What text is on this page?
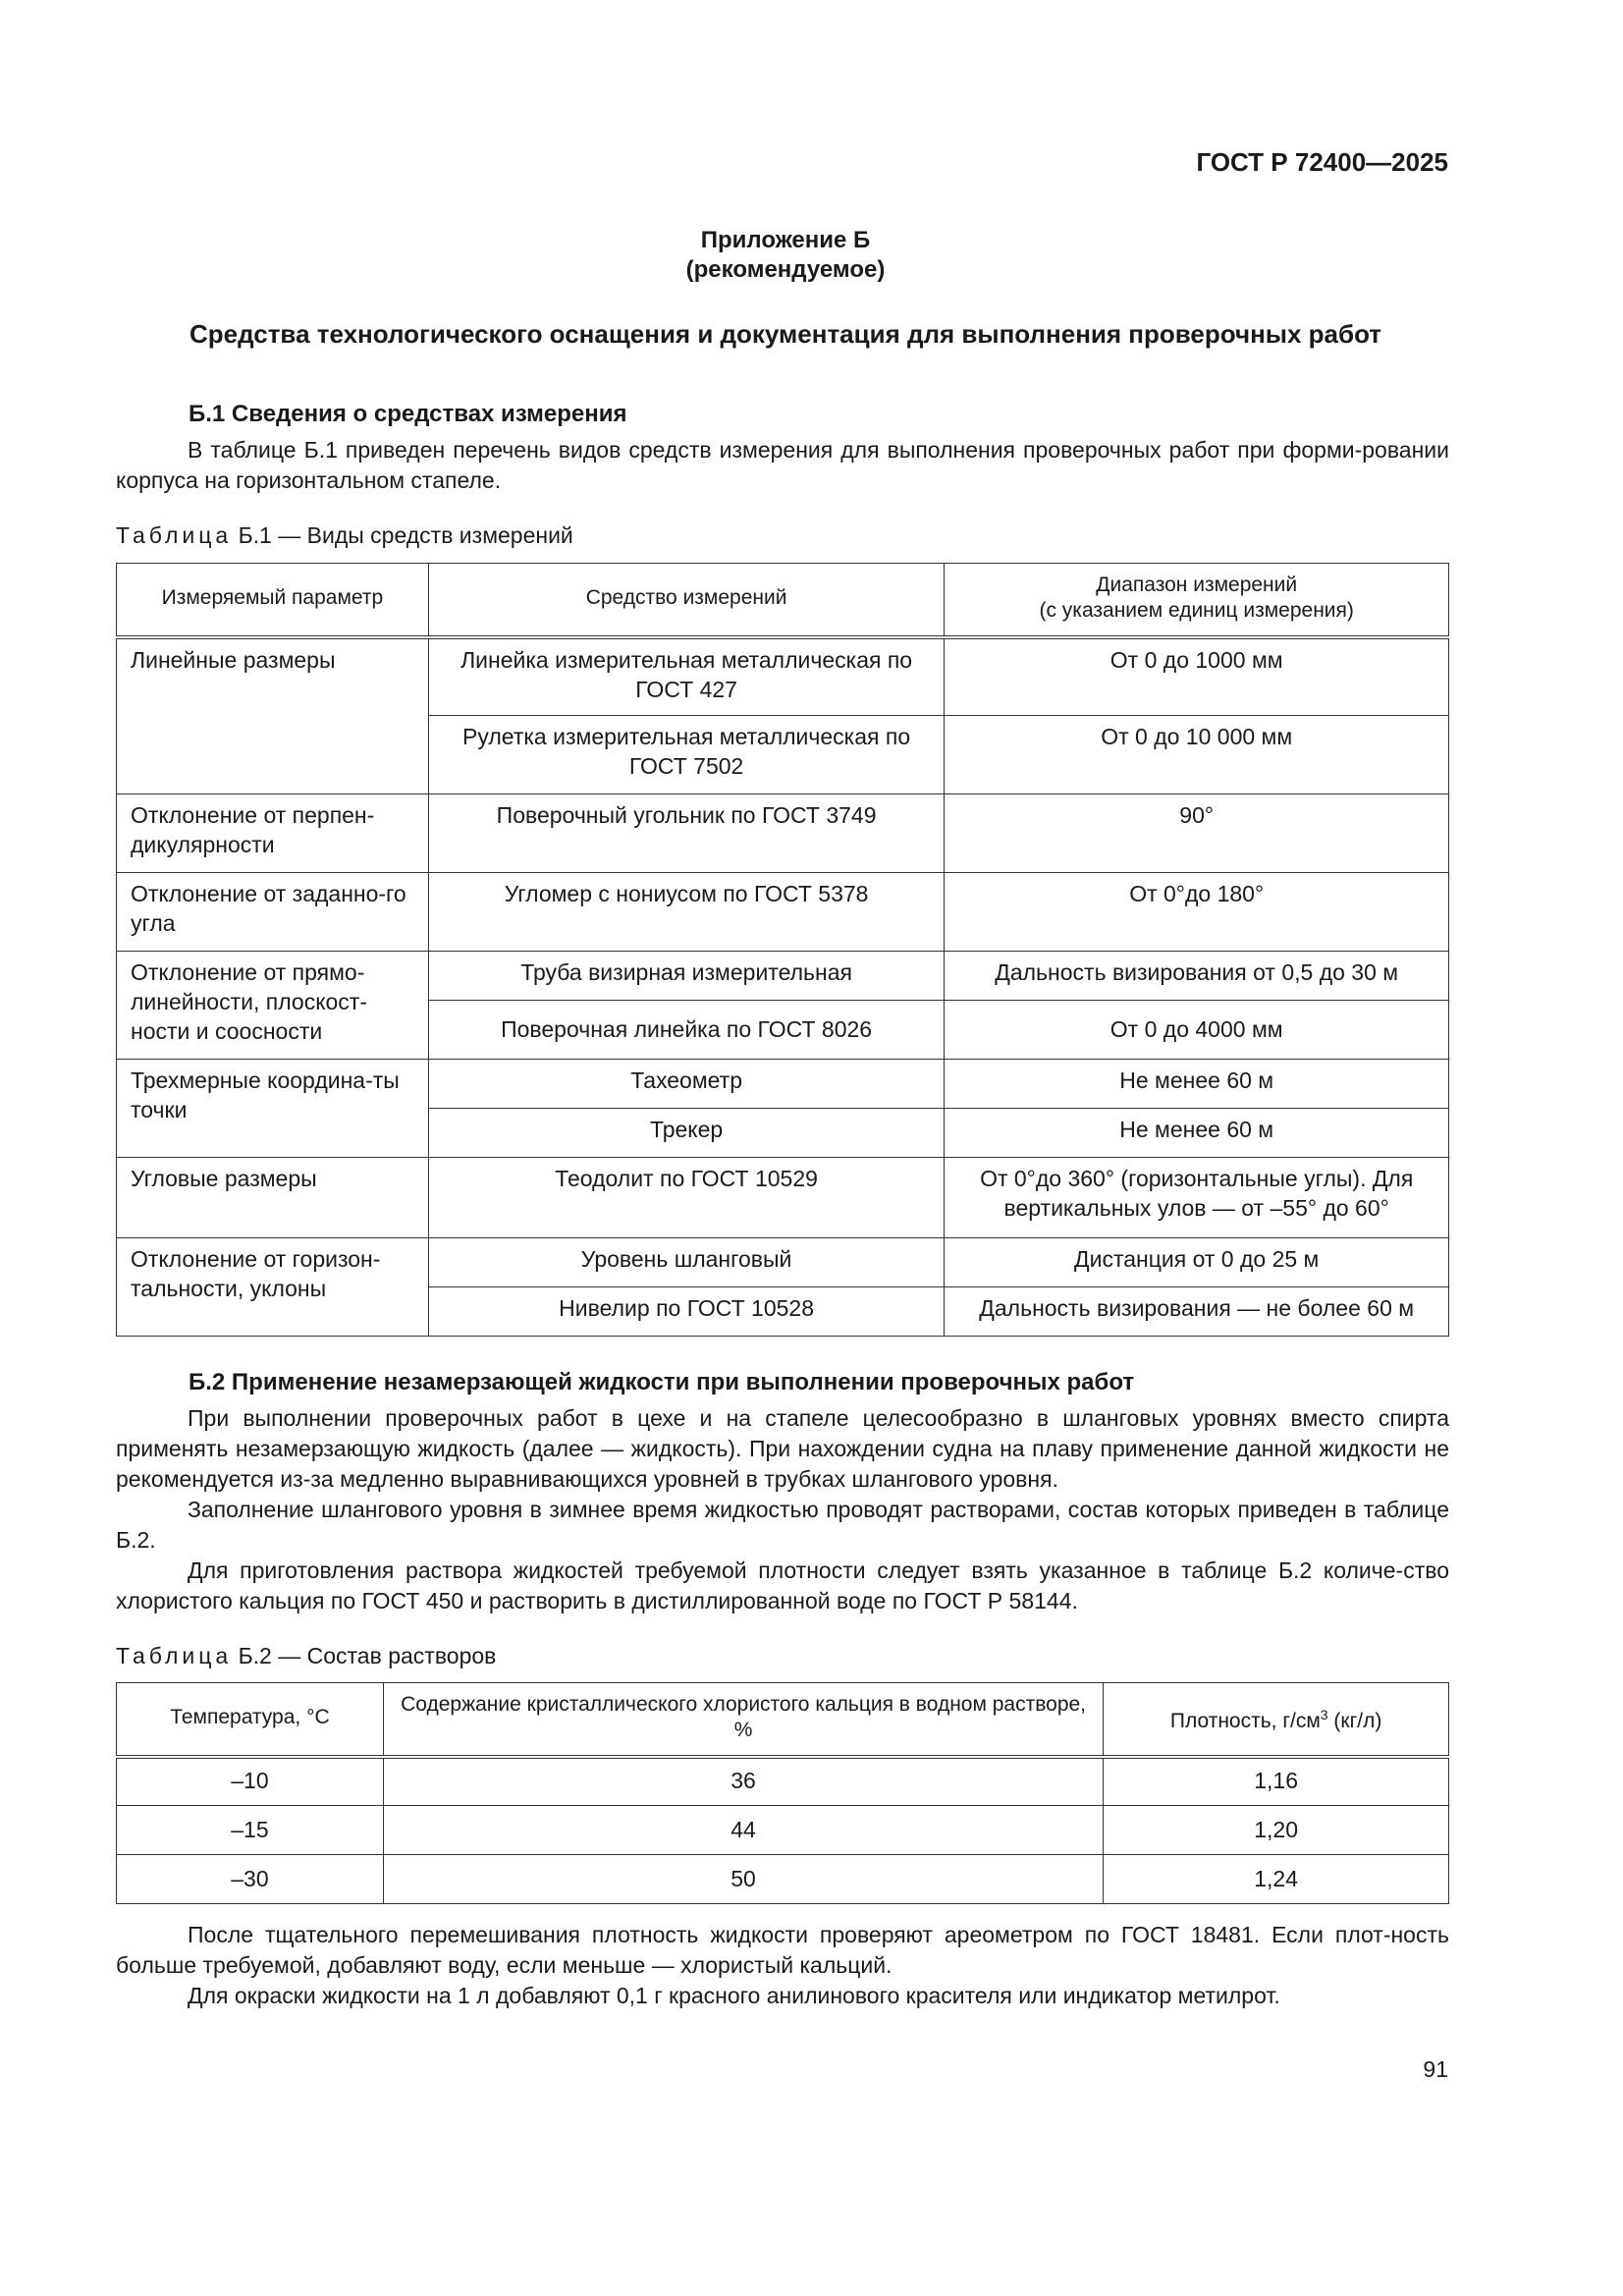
ГОСТ Р 72400—2025
Приложение Б
(рекомендуемое)
Средства технологического оснащения и документация для выполнения проверочных работ
Б.1 Сведения о средствах измерения

В таблице Б.1 приведен перечень видов средств измерения для выполнения проверочных работ при форми-ровании корпуса на горизонтальном стапеле.

Таблица Б.1 — Виды средств измерений
Измеряемый параметр	Средство измерений	Диапазон измерений
(с указанием единиц измерения)
Линейные размеры	Линейка измерительная металлическая по ГОСТ 427	От 0 до 1000 мм
	Рулетка измерительная металлическая по ГОСТ 7502	От 0 до 10 000 мм
Отклонение от перпен-дикулярности	Поверочный угольник по ГОСТ 3749	90°
Отклонение от заданно-го угла	Угломер с нониусом по ГОСТ 5378	От 0°до 180°
Отклонение от прямо-линейности, плоскост-ности и соосности	Труба визирная измерительная	Дальность визирования от 0,5 до 30 м
	Поверочная линейка по ГОСТ 8026	От 0 до 4000 мм
Трехмерные координа-ты точки	Тахеометр	Не менее 60 м
	Трекер	Не менее 60 м
Угловые размеры	Теодолит по ГОСТ 10529	От 0°до 360° (горизонтальные углы). Для вертикальных улов — от –55° до 60°
Отклонение от горизон-тальности, уклоны	Уровень шланговый	Дистанция от 0 до 25 м
	Нивелир по ГОСТ 10528	Дальность визирования — не более 60 м
Б.2 Применение незамерзающей жидкости при выполнении проверочных работ

При выполнении проверочных работ в цехе и на стапеле целесообразно в шланговых уровнях вместо спирта применять незамерзающую жидкость (далее — жидкость). При нахождении судна на плаву применение данной жидкости не рекомендуется из-за медленно выравнивающихся уровней в трубках шлангового уровня.

Заполнение шлангового уровня в зимнее время жидкостью проводят растворами, состав которых приведен в таблице Б.2.

Для приготовления раствора жидкостей требуемой плотности следует взять указанное в таблице Б.2 количе-ство хлористого кальция по ГОСТ 450 и растворить в дистиллированной воде по ГОСТ Р 58144.

Таблица Б.2 — Состав растворов
Температура, °С	Содержание кристаллического хлористого кальция в водном растворе, %	Плотность, $г/см^3$ (кг/л)
–10	36	1,16
–15	44	1,20
–30	50	1,24

После тщательного перемешивания плотность жидкости проверяют ареометром по ГОСТ 18481. Если плот-ность больше требуемой, добавляют воду, если меньше — хлористый кальций.

Для окраски жидкости на 1 л добавляют 0,1 г красного анилинового красителя или индикатор метилрот.

91
